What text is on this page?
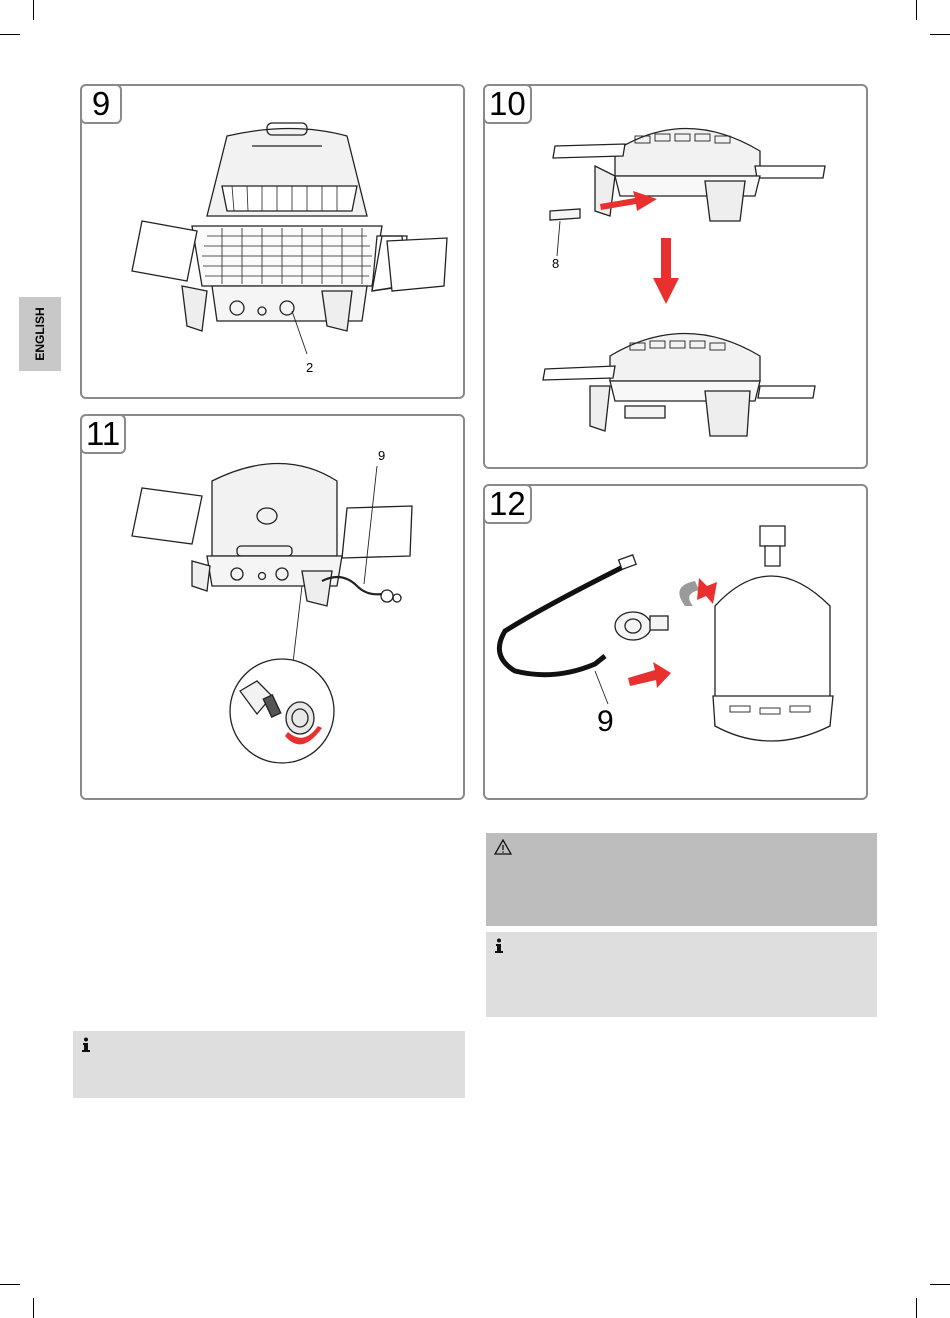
ENGLISH
2
9
8
10
9
11
9
12
